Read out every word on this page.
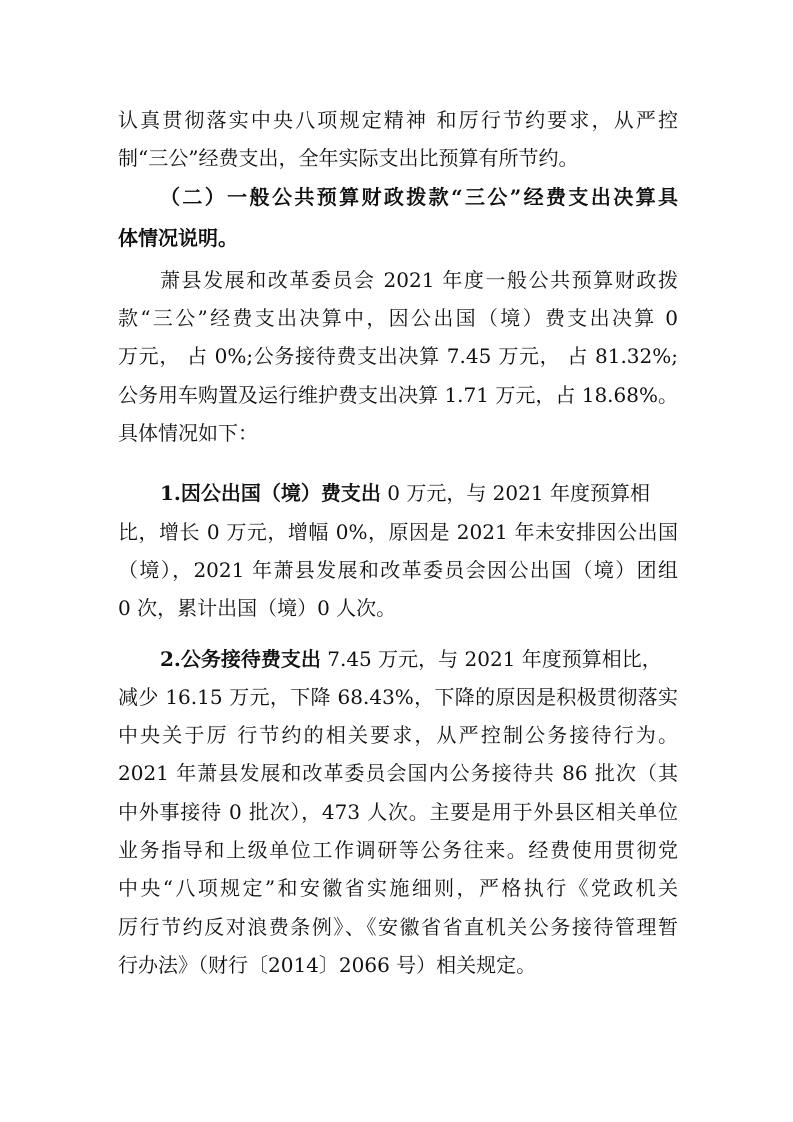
认真贯彻落实中央八项规定精神 和厉行节约要求，从严控
制“三公”经费支出，全年实际支出比预算有所节约。
（二）一般公共预算财政拨款“三公”经费支出决算具
体情况说明。
萧县发展和改革委员会 2021 年度一般公共预算财政拨
款“三公”经费支出决算中，因公出国（境）费支出决算 0
万元， 占 0%;公务接待费支出决算 7.45 万元， 占 81.32%;
公务用车购置及运行维护费支出决算 1.71 万元，占 18.68%。
具体情况如下：
1.因公出国（境）费支出 0 万元，与 2021 年度预算相
比，增长 0 万元，增幅 0%，原因是 2021 年未安排因公出国
（境），2021 年萧县发展和改革委员会因公出国（境）团组
0 次，累计出国（境）0 人次。
2.公务接待费支出 7.45 万元，与 2021 年度预算相比，
减少 16.15 万元，下降 68.43%，下降的原因是积极贯彻落实
中央关于厉 行节约的相关要求，从严控制公务接待行为。
2021 年萧县发展和改革委员会国内公务接待共 86 批次（其
中外事接待 0 批次），473 人次。主要是用于外县区相关单位
业务指导和上级单位工作调研等公务往来。经费使用贯彻党
中央“八项规定”和安徽省实施细则，严格执行《党政机关
厉行节约反对浪费条例》、《安徽省省直机关公务接待管理暂
行办法》（财行〔2014〕2066 号）相关规定。
